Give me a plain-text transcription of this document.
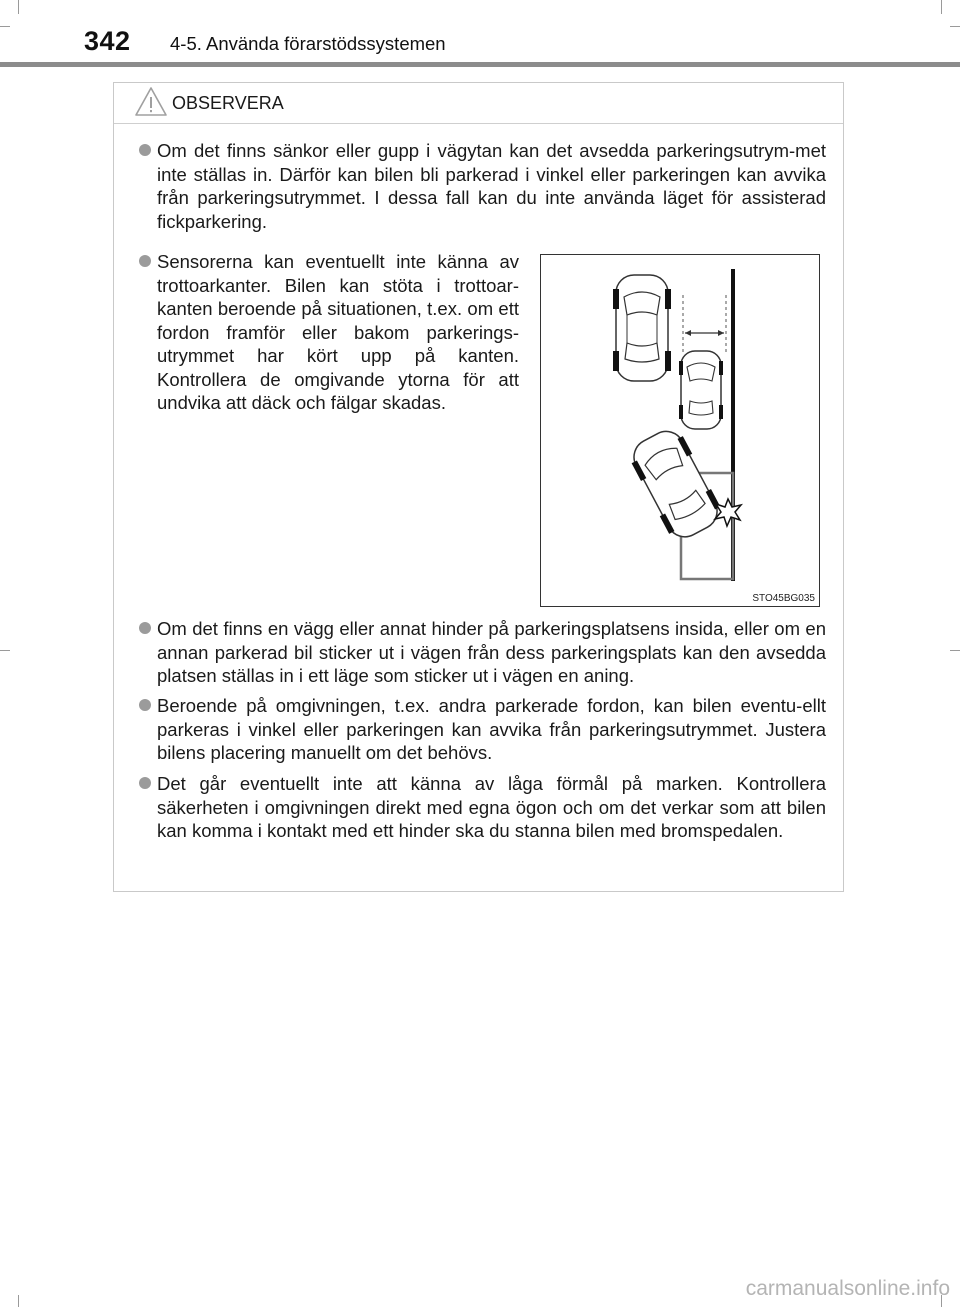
342 4-5. Använda förarstödssystemen
OBSERVERA
Om det finns sänkor eller gupp i vägytan kan det avsedda parkeringsutrym-met inte ställas in. Därför kan bilen bli parkerad i vinkel eller parkeringen kan avvika från parkeringsutrymmet. I dessa fall kan du inte använda läget för assisterad fickparkering.
Sensorerna kan eventuellt inte känna av trottoarkanter. Bilen kan stöta i trottoar-kanten beroende på situationen, t.ex. om ett fordon framför eller bakom parkerings-utrymmet har kört upp på kanten. Kontrollera de omgivande ytorna för att undvika att däck och fälgar skadas.
STO45BG035
Om det finns en vägg eller annat hinder på parkeringsplatsens insida, eller om en annan parkerad bil sticker ut i vägen från dess parkeringsplats kan den avsedda platsen ställas in i ett läge som sticker ut i vägen en aning.
Beroende på omgivningen, t.ex. andra parkerade fordon, kan bilen eventu-ellt parkeras i vinkel eller parkeringen kan avvika från parkeringsutrymmet. Justera bilens placering manuellt om det behövs.
Det går eventuellt inte att känna av låga förmål på marken. Kontrollera säkerheten i omgivningen direkt med egna ögon och om det verkar som att bilen kan komma i kontakt med ett hinder ska du stanna bilen med bromspedalen.
carmanualsonline.info
